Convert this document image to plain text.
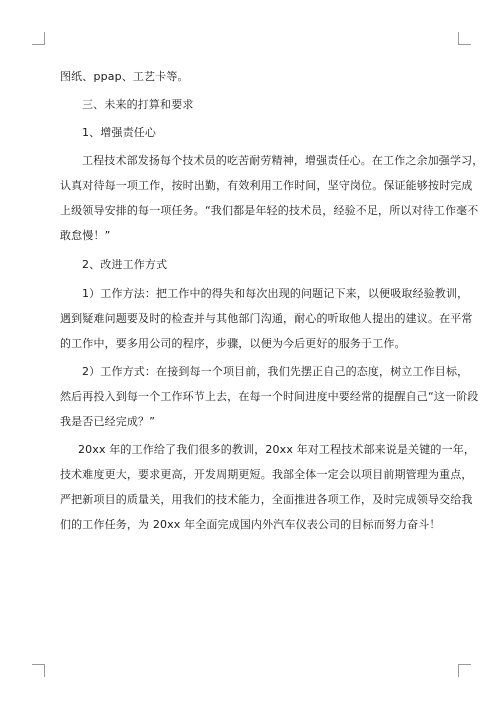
图纸、ppap、工艺卡等。

三、未来的打算和要求

1、增强责任心

工程技术部发扬每个技术员的吃苦耐劳精神，增强责任心。在工作之余加强学习，

认真对待每一项工作，按时出勤，有效利用工作时间，坚守岗位。保证能够按时完成

上级领导安排的每一项任务。“我们都是年轻的技术员，经验不足，所以对待工作毫不

敢怠慢！”

2、改进工作方式

1）工作方法：把工作中的得失和每次出现的问题记下来，以便吸取经验教训，

遇到疑难问题要及时的检查并与其他部门沟通，耐心的听取他人提出的建议。在平常

的工作中，要多用公司的程序，步骤，以便为今后更好的服务于工作。

2）工作方式：在接到每一个项目前，我们先摆正自己的态度，树立工作目标，

然后再投入到每一个工作环节上去，在每一个时间进度中要经常的提醒自己“这一阶段

我是否已经完成？”

20xx 年的工作给了我们很多的教训，20xx 年对工程技术部来说是关键的一年，

技术难度更大，要求更高，开发周期更短。我部全体一定会以项目前期管理为重点，

严把新项目的质量关，用我们的技术能力，全面推进各项工作，及时完成领导交给我

们的工作任务，为 20xx 年全面完成国内外汽车仪表公司的目标而努力奋斗！
